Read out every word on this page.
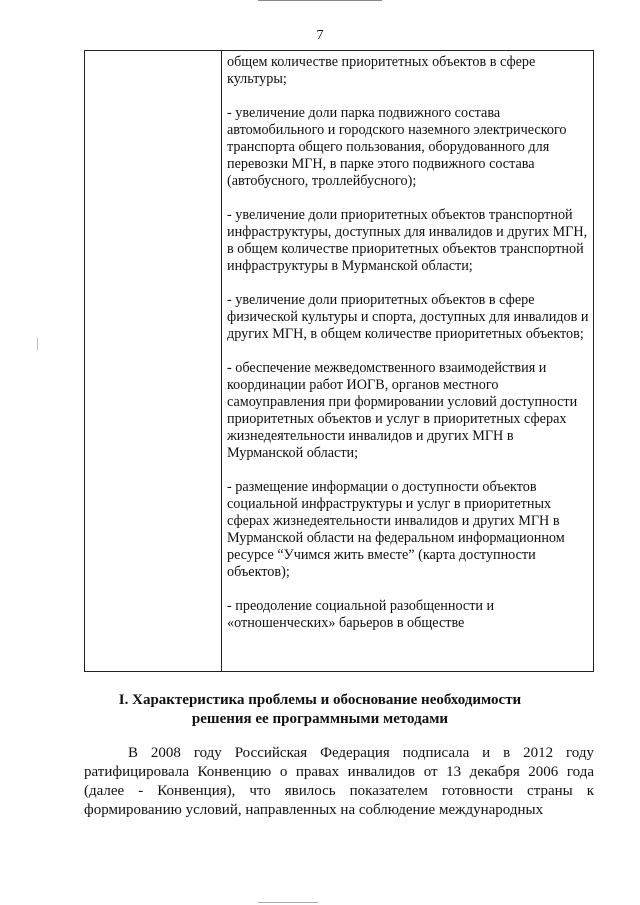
7

общем количестве приоритетных объектов в сфере культуры;

- увеличение доли парка подвижного состава автомобильного и городского наземного электрического транспорта общего пользования, оборудованного для перевозки МГН, в парке этого подвижного состава (автобусного, троллейбусного);

- увеличение доли приоритетных объектов транспортной инфраструктуры, доступных для инвалидов и других МГН, в общем количестве приоритетных объектов транспортной инфраструктуры в Мурманской области;

- увеличение доли приоритетных объектов в сфере физической культуры и спорта, доступных для инвалидов и других МГН, в общем количестве приоритетных объектов;

- обеспечение межведомственного взаимодействия и координации работ ИОГВ, органов местного самоуправления при формировании условий доступности приоритетных объектов и услуг в приоритетных сферах жизнедеятельности инвалидов и других МГН в Мурманской области;

- размещение информации о доступности объектов социальной инфраструктуры и услуг в приоритетных сферах жизнедеятельности инвалидов и других МГН в Мурманской области на федеральном информационном ресурсе “Учимся жить вместе” (карта доступности объектов);

- преодоление социальной разобщенности и «отношенческих» барьеров в обществе

I. Характеристика проблемы и обоснование необходимости
решения ее программными методами

В 2008 году Российская Федерация подписала и в 2012 году ратифицировала Конвенцию о правах инвалидов от 13 декабря 2006 года (далее - Конвенция), что явилось показателем готовности страны к формированию условий, направленных на соблюдение международных
